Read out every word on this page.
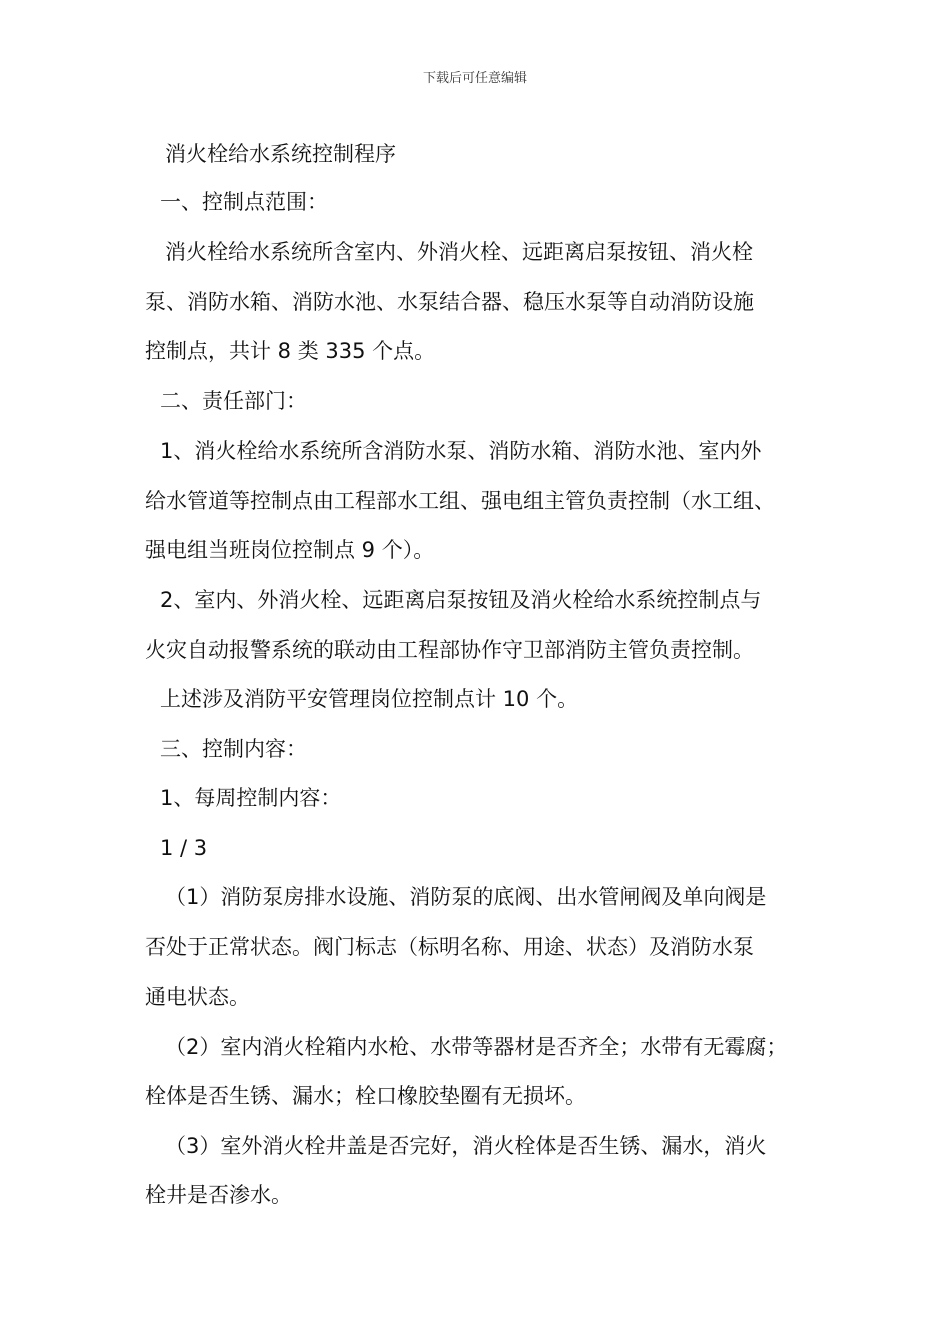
下载后可任意编辑
消火栓给水系统控制程序
一、控制点范围：
消火栓给水系统所含室内、外消火栓、远距离启泵按钮、消火栓
泵、消防水箱、消防水池、水泵结合器、稳压水泵等自动消防设施
控制点，共计 8 类 335 个点。
二、责任部门：
1、消火栓给水系统所含消防水泵、消防水箱、消防水池、室内外
给水管道等控制点由工程部水工组、强电组主管负责控制（水工组、
强电组当班岗位控制点 9 个）。
2、室内、外消火栓、远距离启泵按钮及消火栓给水系统控制点与
火灾自动报警系统的联动由工程部协作守卫部消防主管负责控制。
上述涉及消防平安管理岗位控制点计 10 个。
三、控制内容：
1、每周控制内容：
1 / 3
（1）消防泵房排水设施、消防泵的底阀、出水管闸阀及单向阀是
否处于正常状态。阀门标志（标明名称、用途、状态）及消防水泵
通电状态。
（2）室内消火栓箱内水枪、水带等器材是否齐全；水带有无霉腐；
栓体是否生锈、漏水；栓口橡胶垫圈有无损坏。
（3）室外消火栓井盖是否完好，消火栓体是否生锈、漏水，消火
栓井是否渗水。
